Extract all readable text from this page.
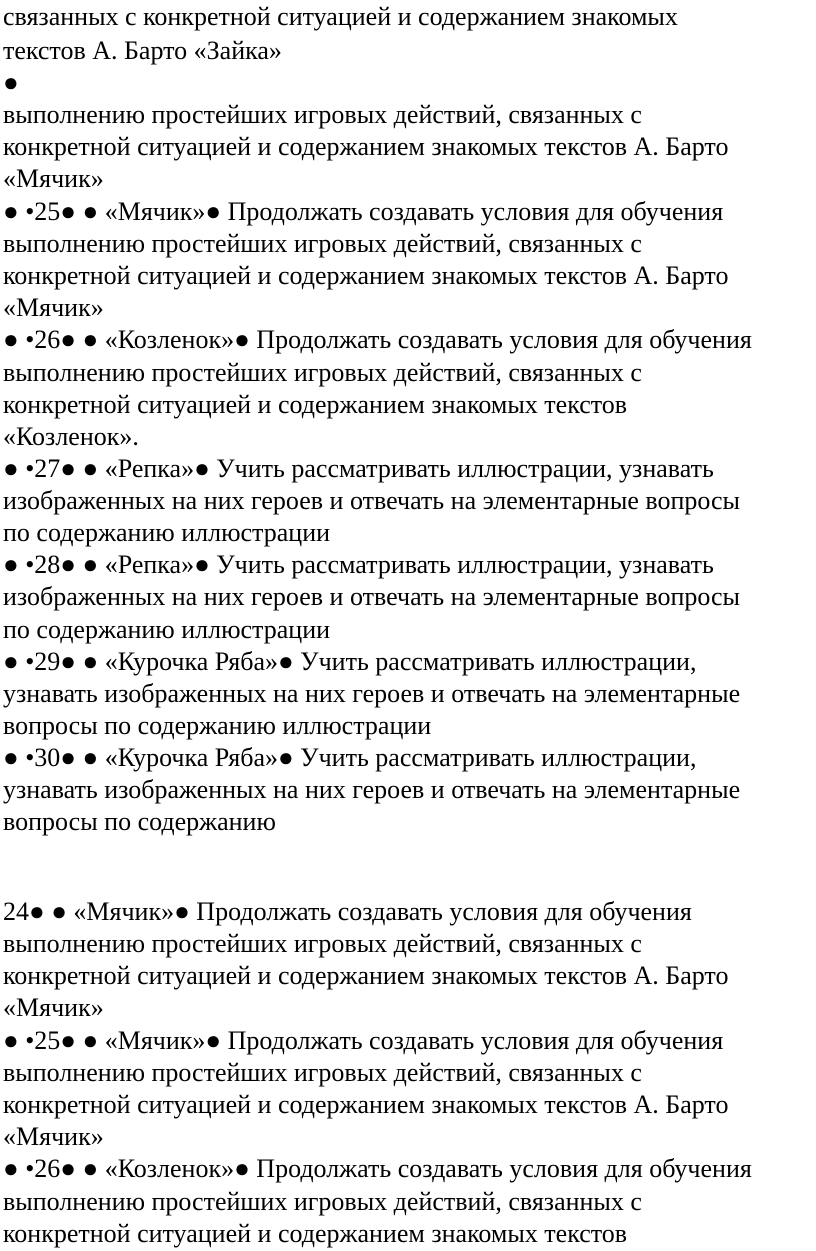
связанных с конкретной ситуацией и содержанием знакомых
текстов А. Барто «Зайка»
●
выполнению простейших игровых действий, связанных с
конкретной ситуацией и содержанием знакомых текстов А. Барто
«Мячик»
● •25● ● «Мячик»● Продолжать создавать условия для обучения
выполнению простейших игровых действий, связанных с
конкретной ситуацией и содержанием знакомых текстов А. Барто
«Мячик»
● •26● ● «Козленок»● Продолжать создавать условия для обучения
выполнению простейших игровых действий, связанных с
конкретной ситуацией и содержанием знакомых текстов
«Козленок».
● •27● ● «Репка»● Учить рассматривать иллюстрации, узнавать
изображенных на них героев и отвечать на элементарные вопросы
по содержанию иллюстрации
● •28● ● «Репка»● Учить рассматривать иллюстрации, узнавать
изображенных на них героев и отвечать на элементарные вопросы
по содержанию иллюстрации
● •29● ● «Курочка Ряба»● Учить рассматривать иллюстрации,
узнавать изображенных на них героев и отвечать на элементарные
вопросы по содержанию иллюстрации
● •30● ● «Курочка Ряба»● Учить рассматривать иллюстрации,
узнавать изображенных на них героев и отвечать на элементарные
вопросы по содержанию
24● ● «Мячик»● Продолжать создавать условия для обучения
выполнению простейших игровых действий, связанных с
конкретной ситуацией и содержанием знакомых текстов А. Барто
«Мячик»
● •25● ● «Мячик»● Продолжать создавать условия для обучения
выполнению простейших игровых действий, связанных с
конкретной ситуацией и содержанием знакомых текстов А. Барто
«Мячик»
● •26● ● «Козленок»● Продолжать создавать условия для обучения
выполнению простейших игровых действий, связанных с
конкретной ситуацией и содержанием знакомых текстов
